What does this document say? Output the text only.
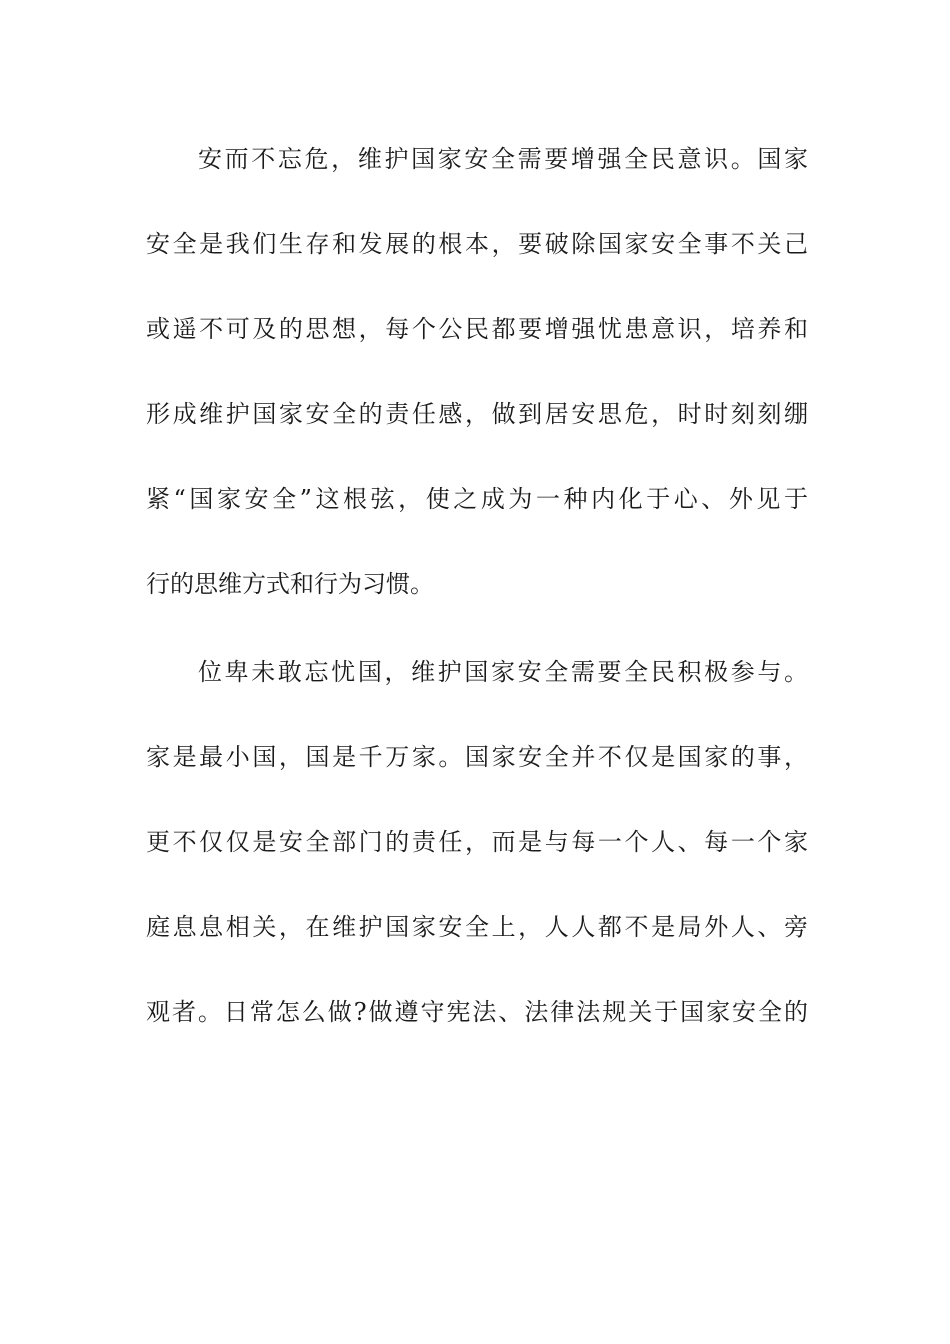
安而不忘危，维护国家安全需要增强全民意识。国家
安全是我们生存和发展的根本，要破除国家安全事不关己
或遥不可及的思想，每个公民都要增强忧患意识，培养和
形成维护国家安全的责任感，做到居安思危，时时刻刻绷
紧“国家安全”这根弦，使之成为一种内化于心、外见于
行的思维方式和行为习惯。
位卑未敢忘忧国，维护国家安全需要全民积极参与。
家是最小国，国是千万家。国家安全并不仅是国家的事，
更不仅仅是安全部门的责任，而是与每一个人、每一个家
庭息息相关，在维护国家安全上，人人都不是局外人、旁
观者。日常怎么做?做遵守宪法、法律法规关于国家安全的
